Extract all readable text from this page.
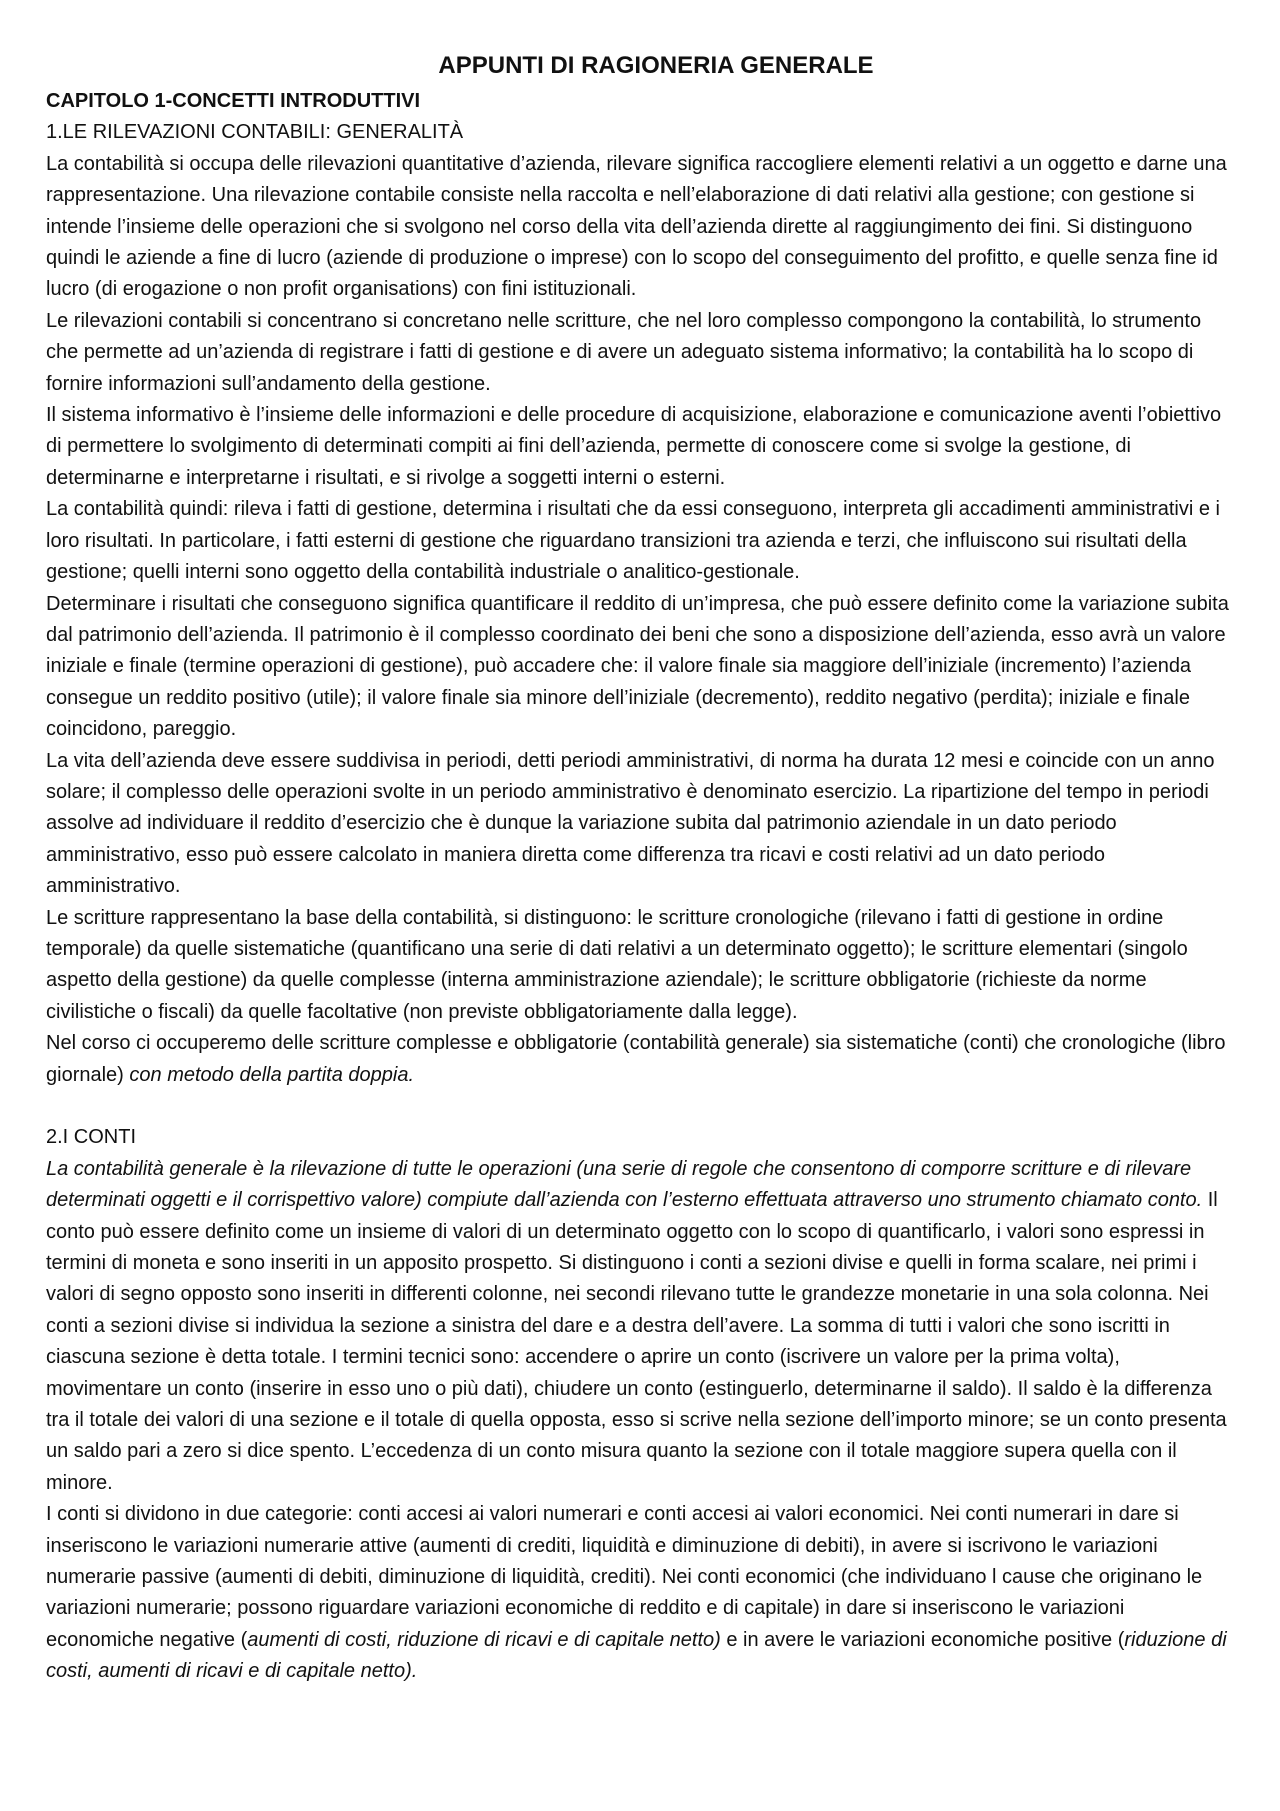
APPUNTI DI RAGIONERIA GENERALE
CAPITOLO 1-CONCETTI INTRODUTTIVI
1.LE RILEVAZIONI CONTABILI: GENERALITÀ

La contabilità si occupa delle rilevazioni quantitative d’azienda, rilevare significa raccogliere elementi relativi a un oggetto e darne una rappresentazione. Una rilevazione contabile consiste nella raccolta e nell’elaborazione di dati relativi alla gestione; con gestione si intende l’insieme delle operazioni che si svolgono nel corso della vita dell’azienda dirette al raggiungimento dei fini. Si distinguono quindi le aziende a fine di lucro (aziende di produzione o imprese) con lo scopo del conseguimento del profitto, e quelle senza fine id lucro (di erogazione o non profit organisations) con fini istituzionali.

Le rilevazioni contabili si concentrano si concretano nelle scritture, che nel loro complesso compongono la contabilità, lo strumento che permette ad un’azienda di registrare i fatti di gestione e di avere un adeguato sistema informativo; la contabilità ha lo scopo di fornire informazioni sull’andamento della gestione.

Il sistema informativo è l’insieme delle informazioni e delle procedure di acquisizione, elaborazione e comunicazione aventi l’obiettivo di permettere lo svolgimento di determinati compiti ai fini dell’azienda, permette di conoscere come si svolge la gestione, di determinarne e interpretarne i risultati, e si rivolge a soggetti interni o esterni.

La contabilità quindi: rileva i fatti di gestione, determina i risultati che da essi conseguono, interpreta gli accadimenti amministrativi e i loro risultati. In particolare, i fatti esterni di gestione che riguardano transizioni tra azienda e terzi, che influiscono sui risultati della gestione; quelli interni sono oggetto della contabilità industriale o analitico-gestionale.

Determinare i risultati che conseguono significa quantificare il reddito di un’impresa, che può essere definito come la variazione subita dal patrimonio dell’azienda. Il patrimonio è il complesso coordinato dei beni che sono a disposizione dell’azienda, esso avrà un valore iniziale e finale (termine operazioni di gestione), può accadere che: il valore finale sia maggiore dell’iniziale (incremento) l’azienda consegue un reddito positivo (utile); il valore finale sia minore dell’iniziale (decremento), reddito negativo (perdita); iniziale e finale coincidono, pareggio.

La vita dell’azienda deve essere suddivisa in periodi, detti periodi amministrativi, di norma ha durata 12 mesi e coincide con un anno solare; il complesso delle operazioni svolte in un periodo amministrativo è denominato esercizio. La ripartizione del tempo in periodi assolve ad individuare il reddito d’esercizio che è dunque la variazione subita dal patrimonio aziendale in un dato periodo amministrativo, esso può essere calcolato in maniera diretta come differenza tra ricavi e costi relativi ad un dato periodo amministrativo.

Le scritture rappresentano la base della contabilità, si distinguono: le scritture cronologiche (rilevano i fatti di gestione in ordine temporale) da quelle sistematiche (quantificano una serie di dati relativi a un determinato oggetto); le scritture elementari (singolo aspetto della gestione) da quelle complesse (interna amministrazione aziendale); le scritture obbligatorie (richieste da norme civilistiche o fiscali) da quelle facoltative (non previste obbligatoriamente dalla legge).

Nel corso ci occuperemo delle scritture complesse e obbligatorie (contabilità generale) sia sistematiche (conti) che cronologiche (libro giornale) con metodo della partita doppia.

2.I CONTI

La contabilità generale è la rilevazione di tutte le operazioni (una serie di regole che consentono di comporre scritture e di rilevare determinati oggetti e il corrispettivo valore) compiute dall’azienda con l’esterno effettuata attraverso uno strumento chiamato conto. Il conto può essere definito come un insieme di valori di un determinato oggetto con lo scopo di quantificarlo, i valori sono espressi in termini di moneta e sono inseriti in un apposito prospetto. Si distinguono i conti a sezioni divise e quelli in forma scalare, nei primi i valori di segno opposto sono inseriti in differenti colonne, nei secondi rilevano tutte le grandezze monetarie in una sola colonna. Nei conti a sezioni divise si individua la sezione a sinistra del dare e a destra dell’avere. La somma di tutti i valori che sono iscritti in ciascuna sezione è detta totale. I termini tecnici sono: accendere o aprire un conto (iscrivere un valore per la prima volta), movimentare un conto (inserire in esso uno o più dati), chiudere un conto (estinguerlo, determinarne il saldo). Il saldo è la differenza tra il totale dei valori di una sezione e il totale di quella opposta, esso si scrive nella sezione dell’importo minore; se un conto presenta un saldo pari a zero si dice spento. L’eccedenza di un conto misura quanto la sezione con il totale maggiore supera quella con il minore.

I conti si dividono in due categorie: conti accesi ai valori numerari e conti accesi ai valori economici. Nei conti numerari in dare si inseriscono le variazioni numerarie attive (aumenti di crediti, liquidità e diminuzione di debiti), in avere si iscrivono le variazioni numerarie passive (aumenti di debiti, diminuzione di liquidità, crediti). Nei conti economici (che individuano l cause che originano le variazioni numerarie; possono riguardare variazioni economiche di reddito e di capitale) in dare si inseriscono le variazioni economiche negative (aumenti di costi, riduzione di ricavi e di capitale netto) e in avere le variazioni economiche positive (riduzione di costi, aumenti di ricavi e di capitale netto).
